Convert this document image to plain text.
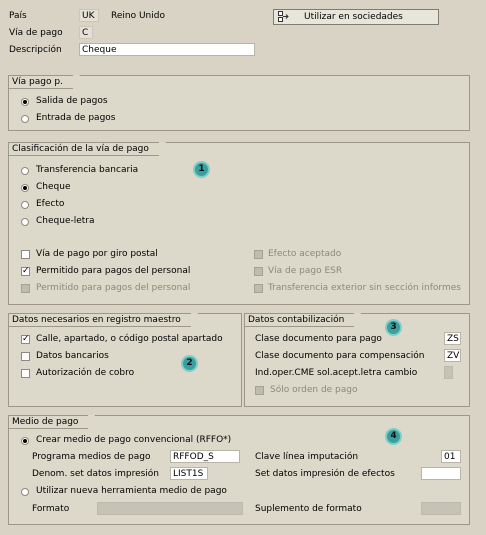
País	UK	Reino Unido	Utilizar en sociedades
Vía de pago	C
Descripción	Cheque
Vía pago p.
Salida de pagos
Entrada de pagos
Clasificación de la vía de pago
1
Transferencia bancaria
Cheque
Efecto
Cheque-letra
Vía de pago por giro postal
✓
Permitido para pagos del personal
Permitido para pagos del personal
Efecto aceptado
Vía de pago ESR
Transferencia exterior sin sección informes
Datos necesarios en registro maestro
2
✓
Calle, apartado, o código postal apartado
Datos bancarios
Autorización de cobro
Datos contabilización
3
Clase documento para pago	ZS
Clase documento para compensación	ZV
Ind.oper.CME sol.acept.letra cambio
Sólo orden de pago
Medio de pago
4
Crear medio de pago convencional (RFFO*)
Programa medios de pago	RFFOD_S	Clave línea imputación	01
Denom. set datos impresión	LIST1S	Set datos impresión de efectos
Utilizar nueva herramienta medio de pago
Formato	Suplemento de formato
